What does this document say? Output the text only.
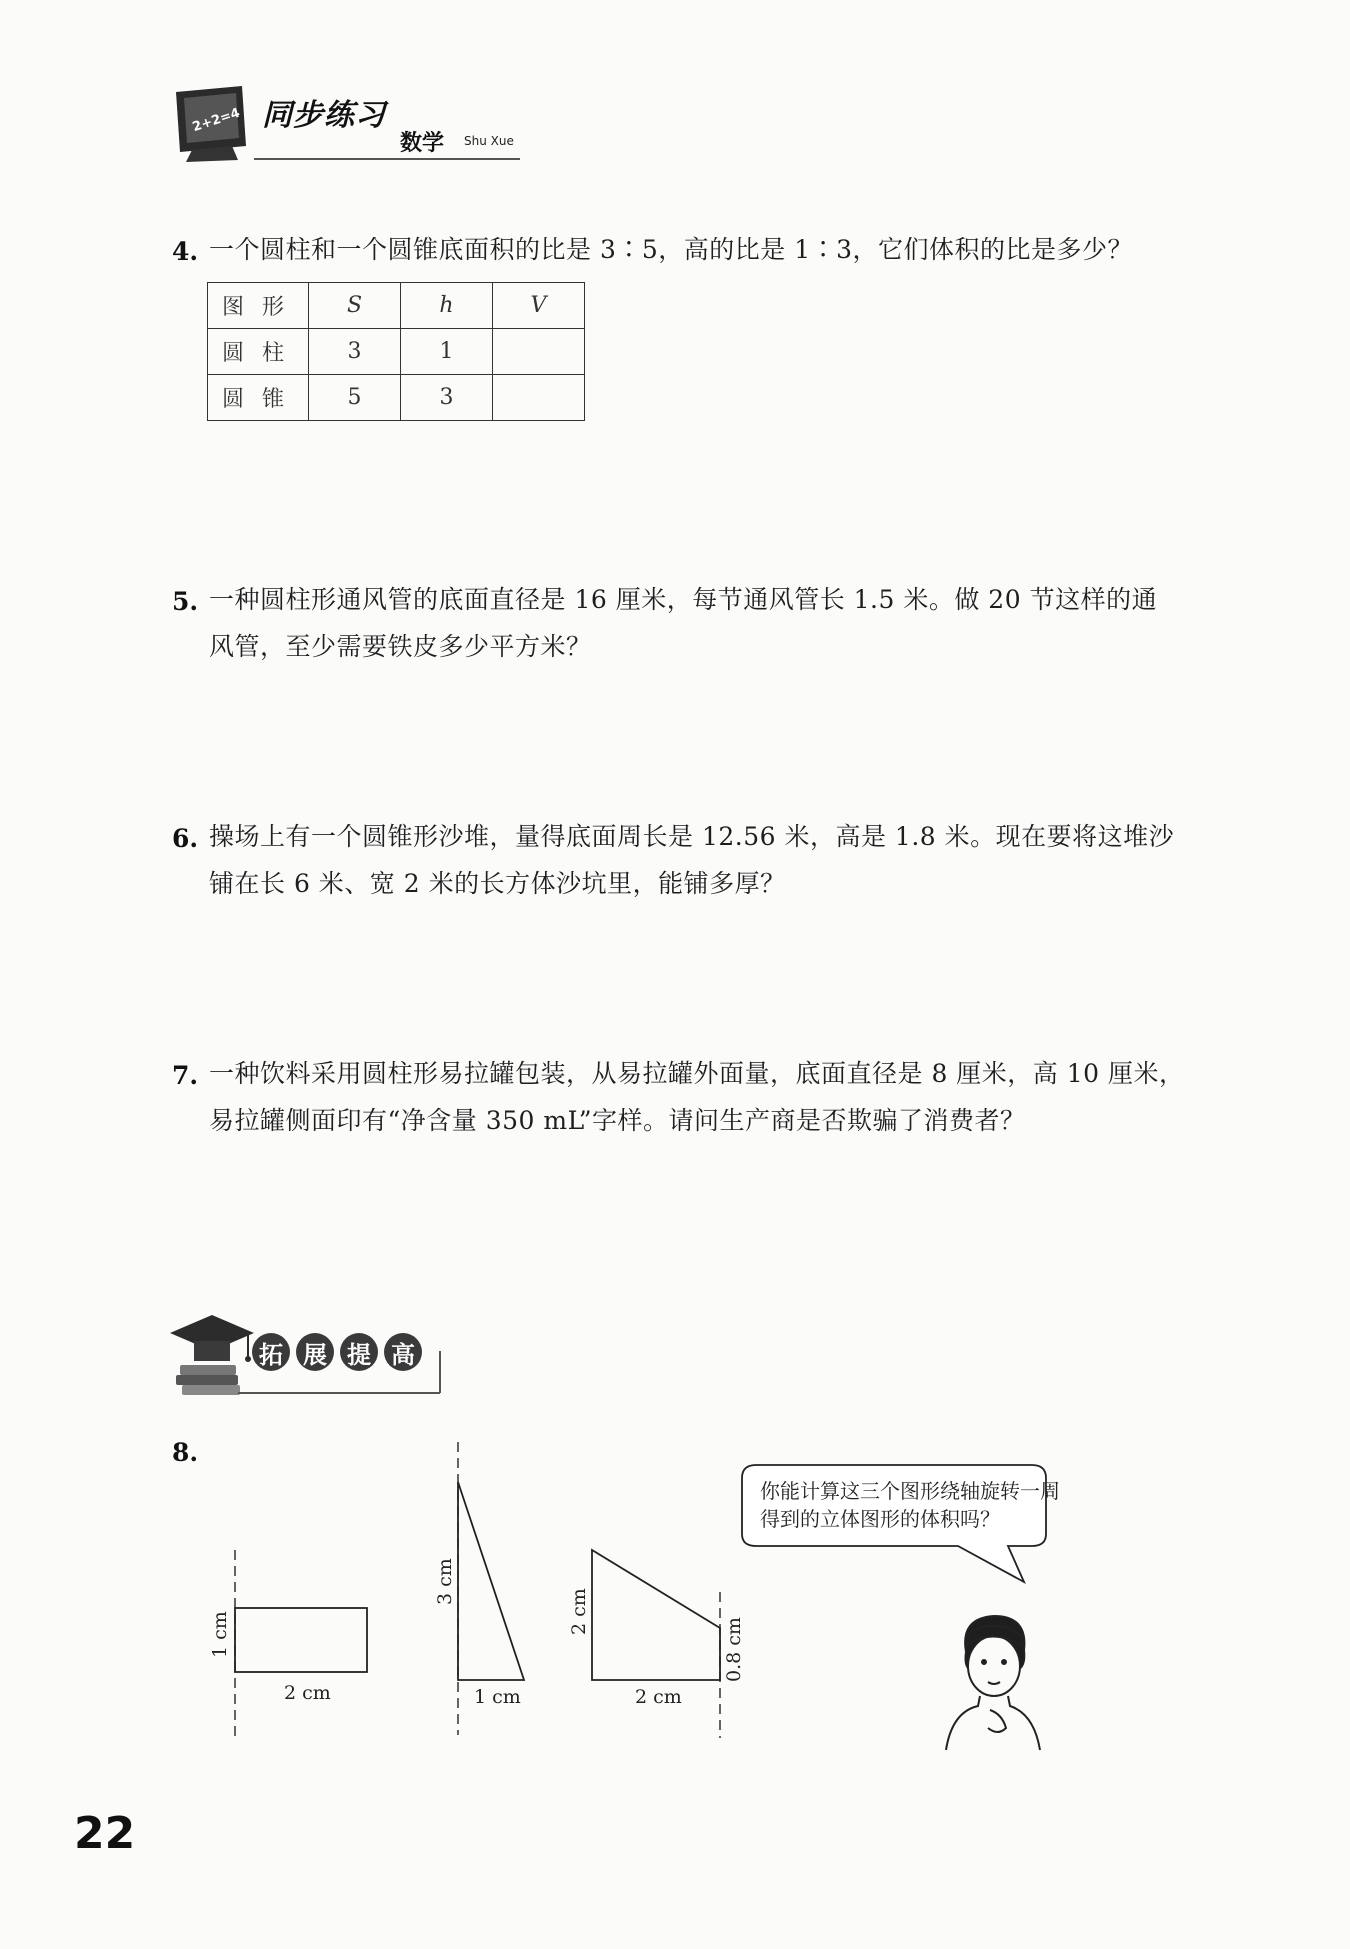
2+2=4 同步练习
数学 Shu Xue
4. 一个圆柱和一个圆锥底面积的比是 3∶5，高的比是 1∶3，它们体积的比是多少？
图形	S	h	V
圆柱	3	1	
圆锥	5	3	
5. 一种圆柱形通风管的底面直径是 16 厘米，每节通风管长 1.5 米。做 20 节这样的通
风管，至少需要铁皮多少平方米？
6. 操场上有一个圆锥形沙堆，量得底面周长是 12.56 米，高是 1.8 米。现在要将这堆沙
铺在长 6 米、宽 2 米的长方体沙坑里，能铺多厚？
7. 一种饮料采用圆柱形易拉罐包装，从易拉罐外面量，底面直径是 8 厘米，高 10 厘米，
易拉罐侧面印有“净含量 350 mL”字样。请问生产商是否欺骗了消费者？
拓 展 提 高
8.
1 cm
2 cm
3 cm
1 cm
2 cm
0.8 cm
2 cm
你能计算这三个图形绕轴旋转一周
得到的立体图形的体积吗？
22
